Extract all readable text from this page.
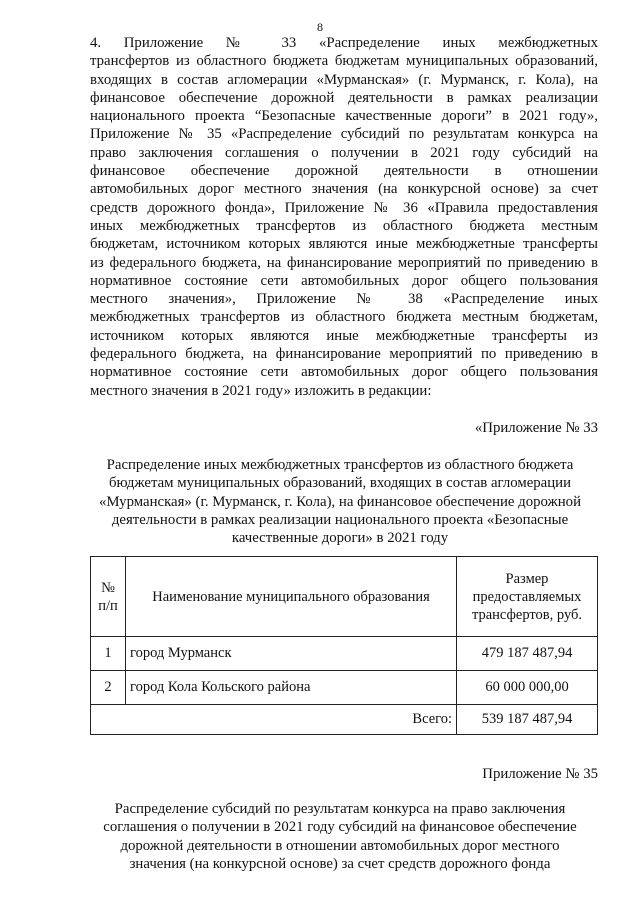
8
4. Приложение № 33 «Распределение иных межбюджетных
трансфертов из областного бюджета бюджетам муниципальных образований,
входящих в состав агломерации «Мурманская» (г. Мурманск, г. Кола), на
финансовое обеспечение дорожной деятельности в рамках реализации
национального проекта “Безопасные качественные дороги” в 2021 году»,
Приложение № 35 «Распределение субсидий по результатам конкурса на
право заключения соглашения о получении в 2021 году субсидий на
финансовое обеспечение дорожной деятельности в отношении
автомобильных дорог местного значения (на конкурсной основе) за счет
средств дорожного фонда», Приложение № 36 «Правила предоставления
иных межбюджетных трансфертов из областного бюджета местным
бюджетам, источником которых являются иные межбюджетные трансферты
из федерального бюджета, на финансирование мероприятий по приведению в
нормативное состояние сети автомобильных дорог общего пользования
местного значения», Приложение № 38 «Распределение иных
межбюджетных трансфертов из областного бюджета местным бюджетам,
источником которых являются иные межбюджетные трансферты из
федерального бюджета, на финансирование мероприятий по приведению в
нормативное состояние сети автомобильных дорог общего пользования
местного значения в 2021 году» изложить в редакции:
«Приложение № 33
Распределение иных межбюджетных трансфертов из областного бюджета
бюджетам муниципальных образований, входящих в состав агломерации
«Мурманская» (г. Мурманск, г. Кола), на финансовое обеспечение дорожной
деятельности в рамках реализации национального проекта «Безопасные
качественные дороги» в 2021 году
№ п/п	Наименование муниципального образования	Размер предоставляемых трансфертов, руб.
1	город Мурманск	479 187 487,94
2	город Кола Кольского района	60 000 000,00
Всего:		539 187 487,94
Приложение № 35
Распределение субсидий по результатам конкурса на право заключения
соглашения о получении в 2021 году субсидий на финансовое обеспечение
дорожной деятельности в отношении автомобильных дорог местного
значения (на конкурсной основе) за счет средств дорожного фонда
